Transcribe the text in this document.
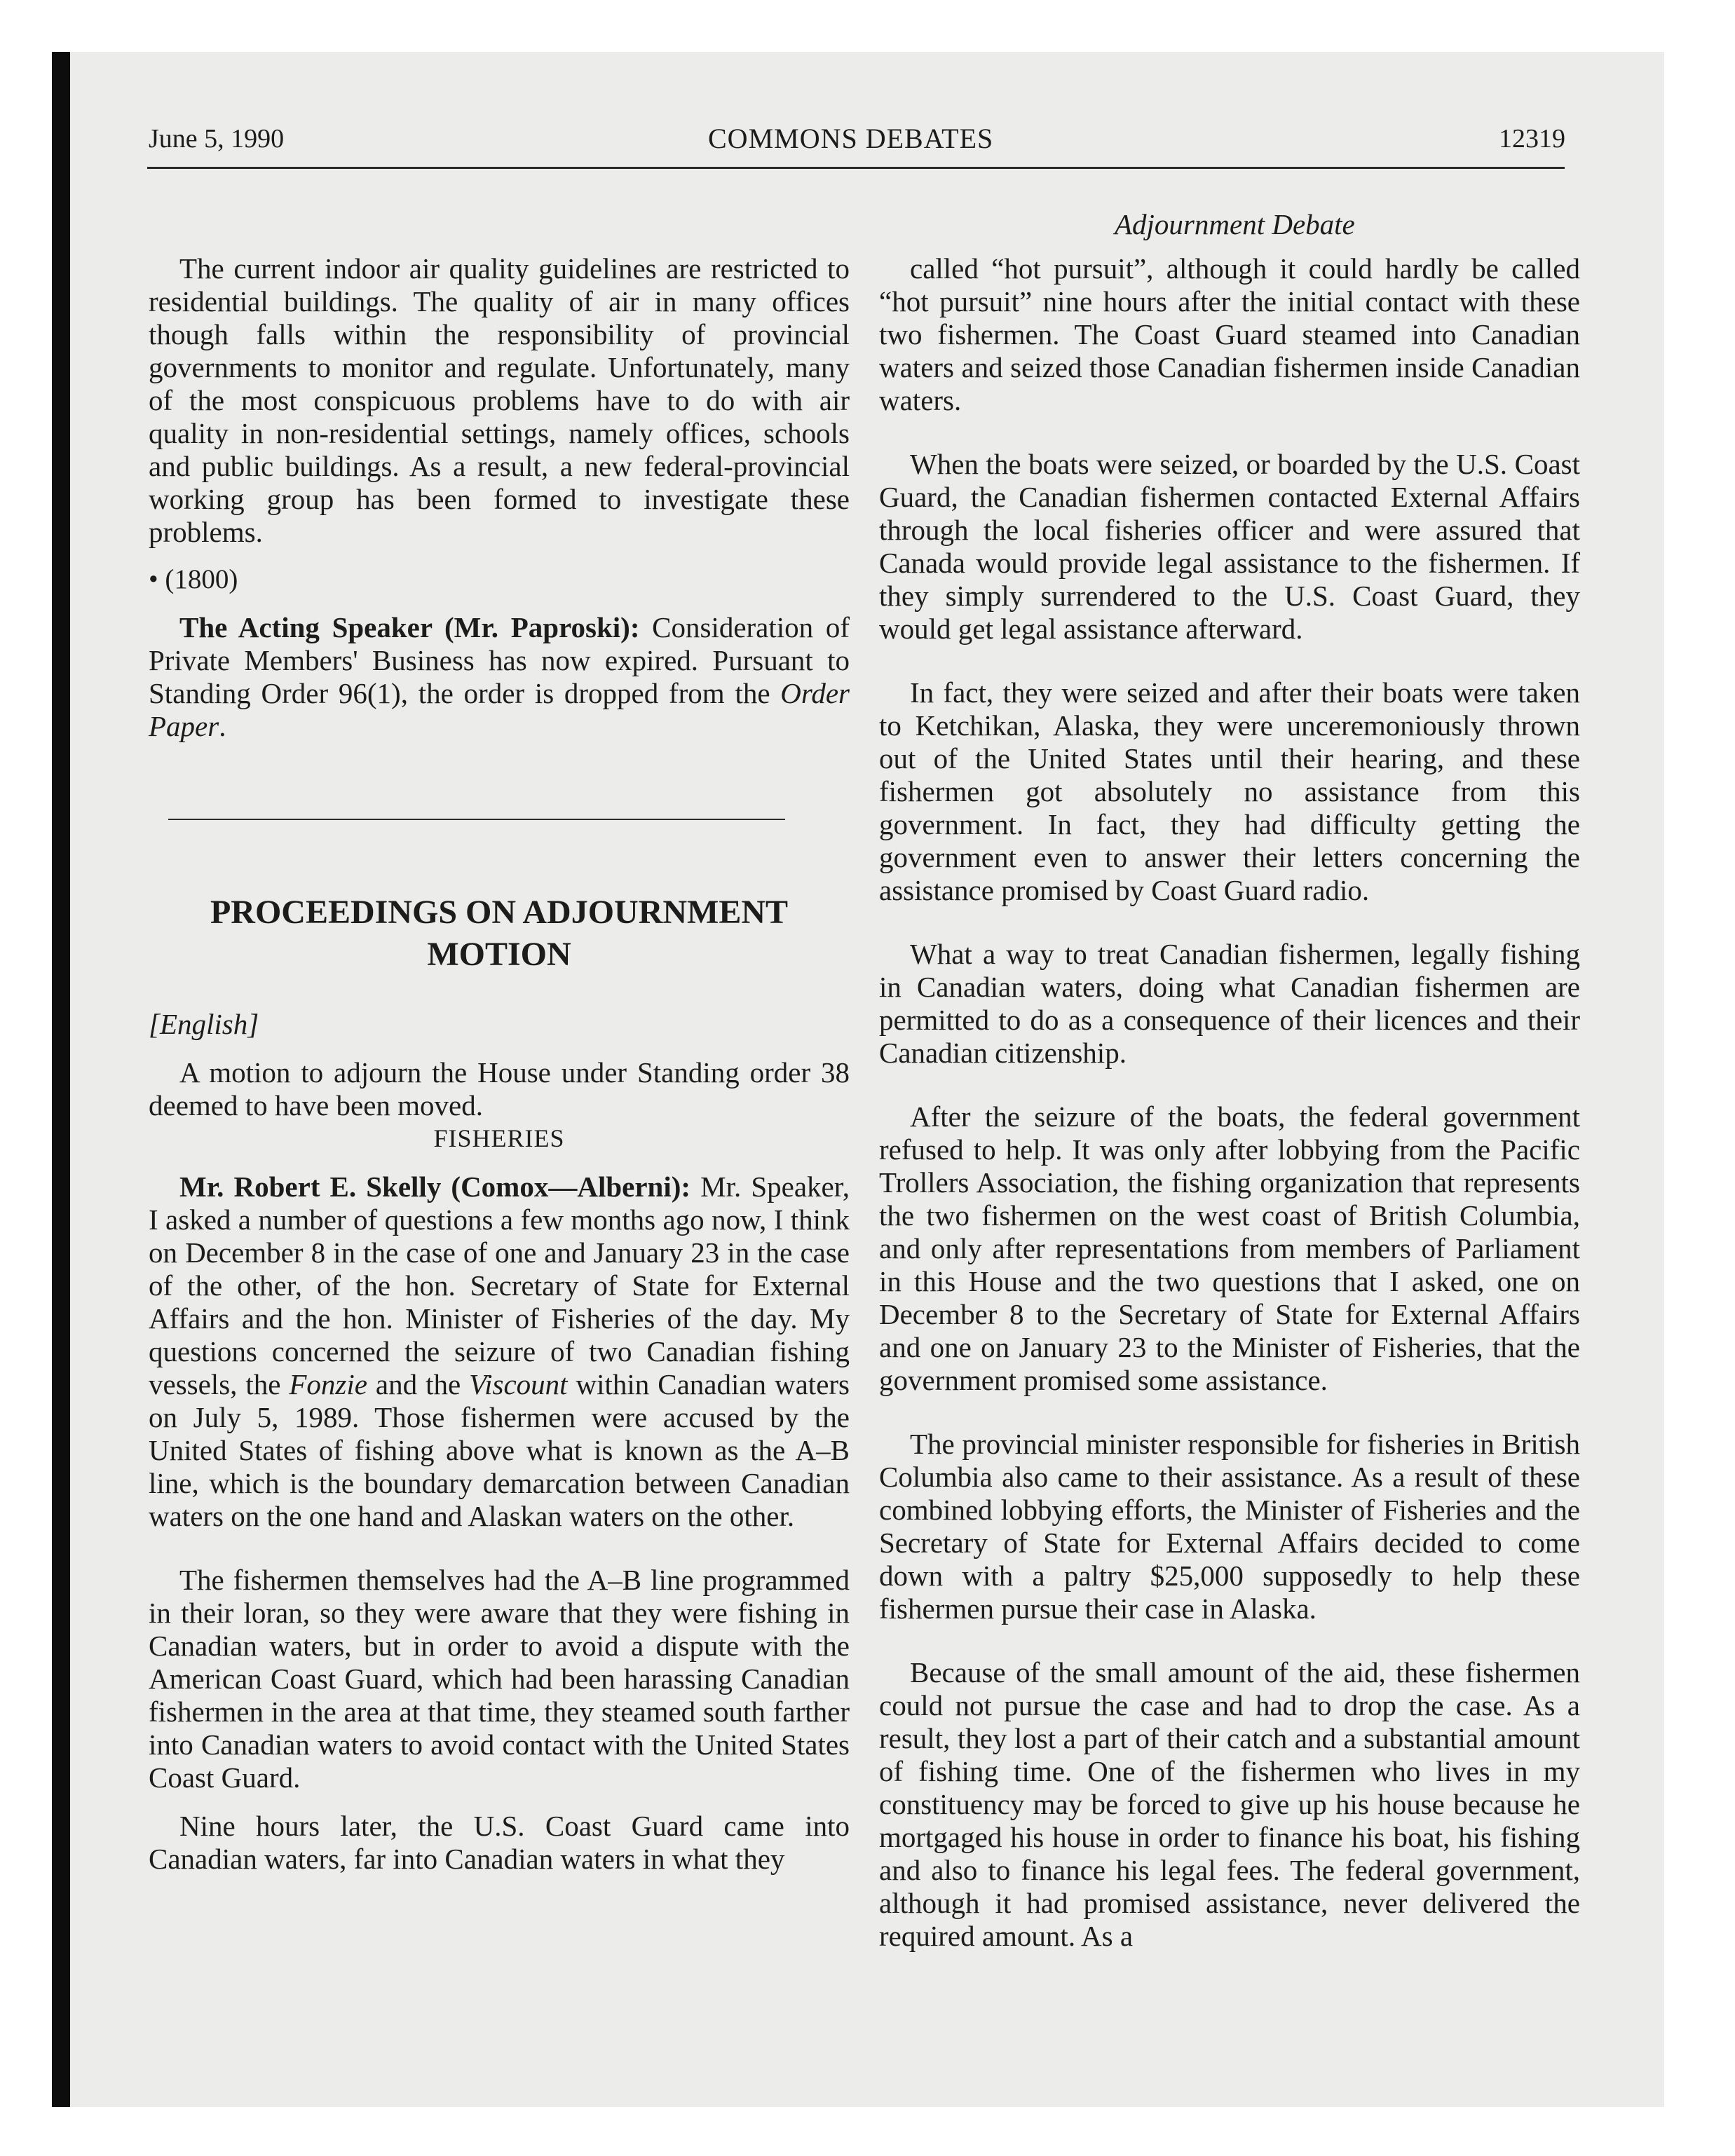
June 5, 1990	COMMONS DEBATES	12319
Adjournment Debate

The current indoor air quality guidelines are restricted to residential buildings. The quality of air in many offices though falls within the responsibility of provincial governments to monitor and regulate. Unfortunately, many of the most conspicuous problems have to do with air quality in non-residential settings, namely offices, schools and public buildings. As a result, a new federal-provincial working group has been formed to investigate these problems.

• (1800)

The Acting Speaker (Mr. Paproski): Consideration of Private Members' Business has now expired. Pursuant to Standing Order 96(1), the order is dropped from the Order Paper.

PROCEEDINGS ON ADJOURNMENT MOTION

[English]

A motion to adjourn the House under Standing order 38 deemed to have been moved.

FISHERIES

Mr. Robert E. Skelly (Comox—Alberni): Mr. Speaker, I asked a number of questions a few months ago now, I think on December 8 in the case of one and January 23 in the case of the other, of the hon. Secretary of State for External Affairs and the hon. Minister of Fisheries of the day. My questions concerned the seizure of two Canadian fishing vessels, the Fonzie and the Viscount within Canadian waters on July 5, 1989. Those fishermen were accused by the United States of fishing above what is known as the A–B line, which is the boundary demarcation between Canadian waters on the one hand and Alaskan waters on the other.

The fishermen themselves had the A–B line programmed in their loran, so they were aware that they were fishing in Canadian waters, but in order to avoid a dispute with the American Coast Guard, which had been harassing Canadian fishermen in the area at that time, they steamed south farther into Canadian waters to avoid contact with the United States Coast Guard.

Nine hours later, the U.S. Coast Guard came into Canadian waters, far into Canadian waters in what they

called “hot pursuit”, although it could hardly be called “hot pursuit” nine hours after the initial contact with these two fishermen. The Coast Guard steamed into Canadian waters and seized those Canadian fishermen inside Canadian waters.

When the boats were seized, or boarded by the U.S. Coast Guard, the Canadian fishermen contacted External Affairs through the local fisheries officer and were assured that Canada would provide legal assistance to the fishermen. If they simply surrendered to the U.S. Coast Guard, they would get legal assistance afterward.

In fact, they were seized and after their boats were taken to Ketchikan, Alaska, they were unceremoniously thrown out of the United States until their hearing, and these fishermen got absolutely no assistance from this government. In fact, they had difficulty getting the government even to answer their letters concerning the assistance promised by Coast Guard radio.

What a way to treat Canadian fishermen, legally fishing in Canadian waters, doing what Canadian fishermen are permitted to do as a consequence of their licences and their Canadian citizenship.

After the seizure of the boats, the federal government refused to help. It was only after lobbying from the Pacific Trollers Association, the fishing organization that represents the two fishermen on the west coast of British Columbia, and only after representations from members of Parliament in this House and the two questions that I asked, one on December 8 to the Secretary of State for External Affairs and one on January 23 to the Minister of Fisheries, that the government promised some assistance.

The provincial minister responsible for fisheries in British Columbia also came to their assistance. As a result of these combined lobbying efforts, the Minister of Fisheries and the Secretary of State for External Affairs decided to come down with a paltry $25,000 supposedly to help these fishermen pursue their case in Alaska.

Because of the small amount of the aid, these fishermen could not pursue the case and had to drop the case. As a result, they lost a part of their catch and a substantial amount of fishing time. One of the fishermen who lives in my constituency may be forced to give up his house because he mortgaged his house in order to finance his boat, his fishing and also to finance his legal fees. The federal government, although it had promised assistance, never delivered the required amount. As a
